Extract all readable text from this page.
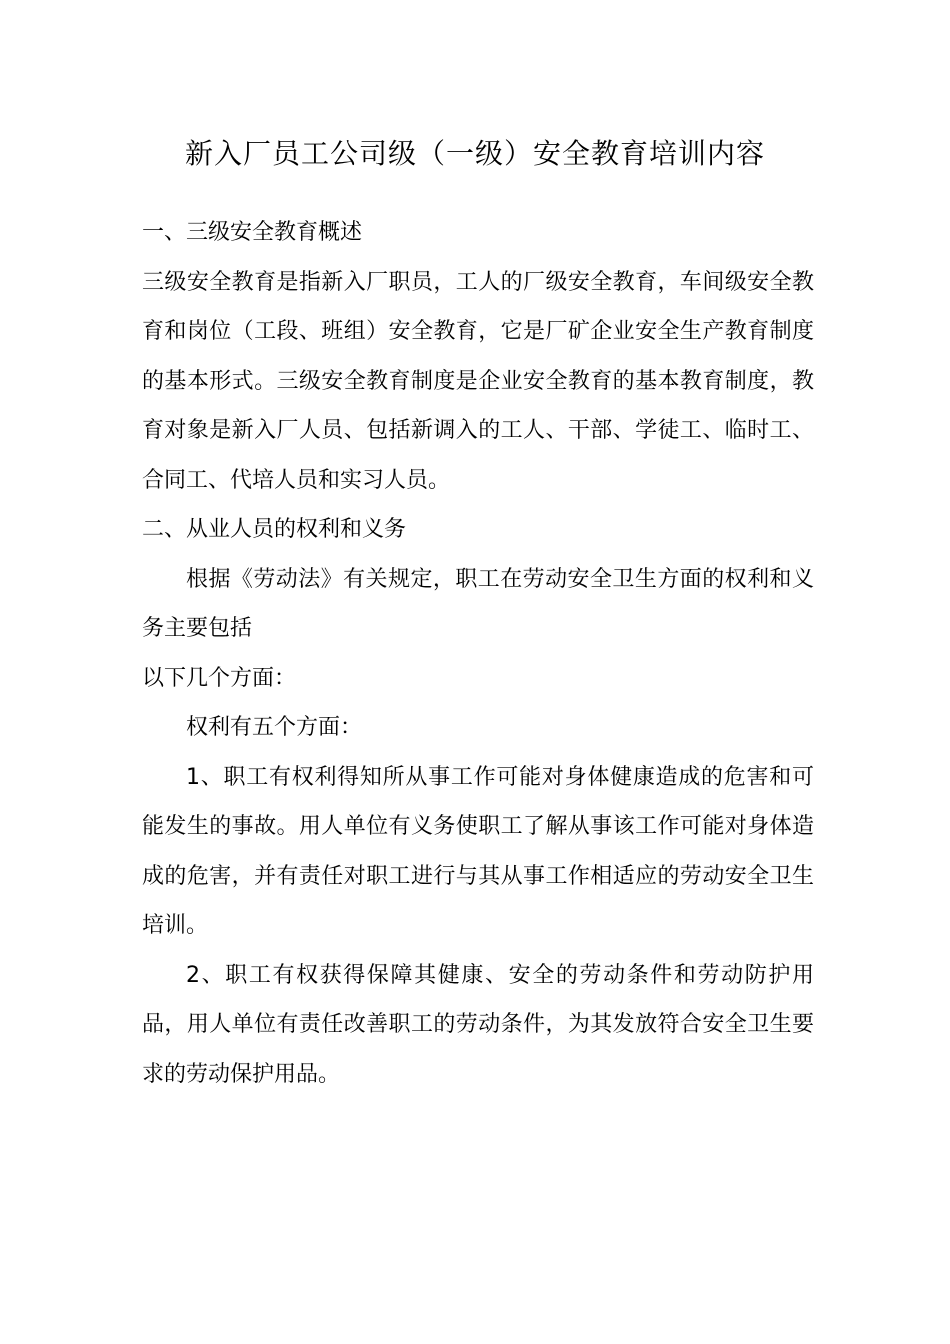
新入厂员工公司级（一级）安全教育培训内容

一、三级安全教育概述

三级安全教育是指新入厂职员，工人的厂级安全教育，车间级安全教育和岗位（工段、班组）安全教育，它是厂矿企业安全生产教育制度的基本形式。三级安全教育制度是企业安全教育的基本教育制度，教育对象是新入厂人员、包括新调入的工人、干部、学徒工、临时工、合同工、代培人员和实习人员。

二、从业人员的权利和义务

根据《劳动法》有关规定，职工在劳动安全卫生方面的权利和义务主要包括

以下几个方面：

权利有五个方面：

1、职工有权利得知所从事工作可能对身体健康造成的危害和可能发生的事故。用人单位有义务使职工了解从事该工作可能对身体造成的危害，并有责任对职工进行与其从事工作相适应的劳动安全卫生培训。

2、职工有权获得保障其健康、安全的劳动条件和劳动防护用品，用人单位有责任改善职工的劳动条件，为其发放符合安全卫生要求的劳动保护用品。
